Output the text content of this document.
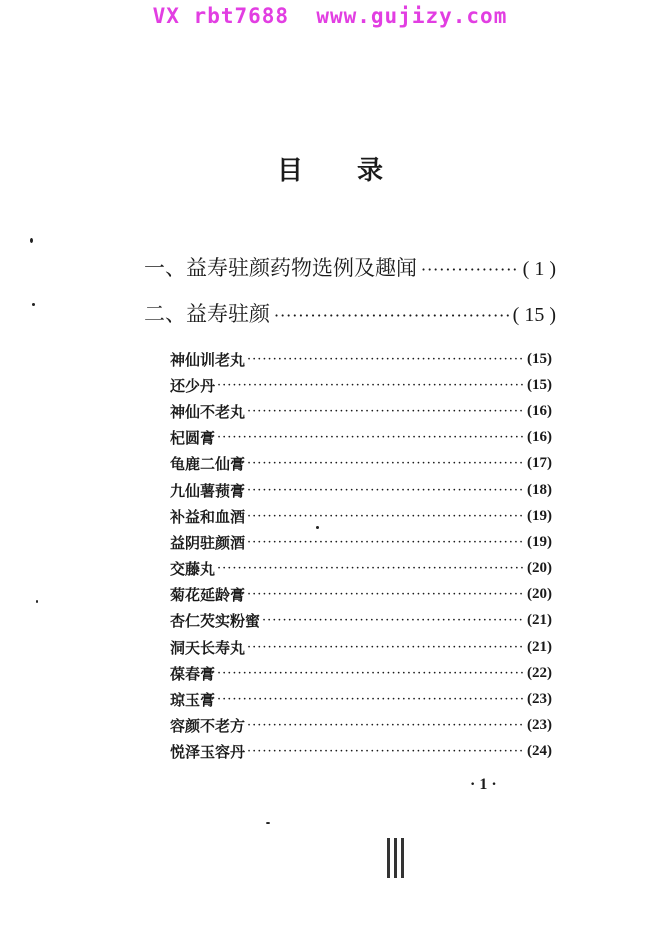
VX rbt7688  www.gujizy.com
目 录
一、益寿驻颜药物选例及趣闻 ·····	( 1 )
二、益寿驻颜 ·····	( 15 )
神仙训老丸 ·····	(15)
还少丹 ·····	(15)
神仙不老丸 ·····	(16)
杞圆膏 ·····	(16)
龟鹿二仙膏 ·····	(17)
九仙薯蓣膏 ·····	(18)
补益和血酒 ·····	(19)
益阴驻颜酒 ·····	(19)
交藤丸 ·····	(20)
菊花延龄膏 ·····	(20)
杏仁芡实粉蜜 ·····	(21)
洞天长寿丸 ·····	(21)
葆春膏 ·····	(22)
琼玉膏 ·····	(23)
容颜不老方 ·····	(23)
悦泽玉容丹 ·····	(24)
· 1 ·
